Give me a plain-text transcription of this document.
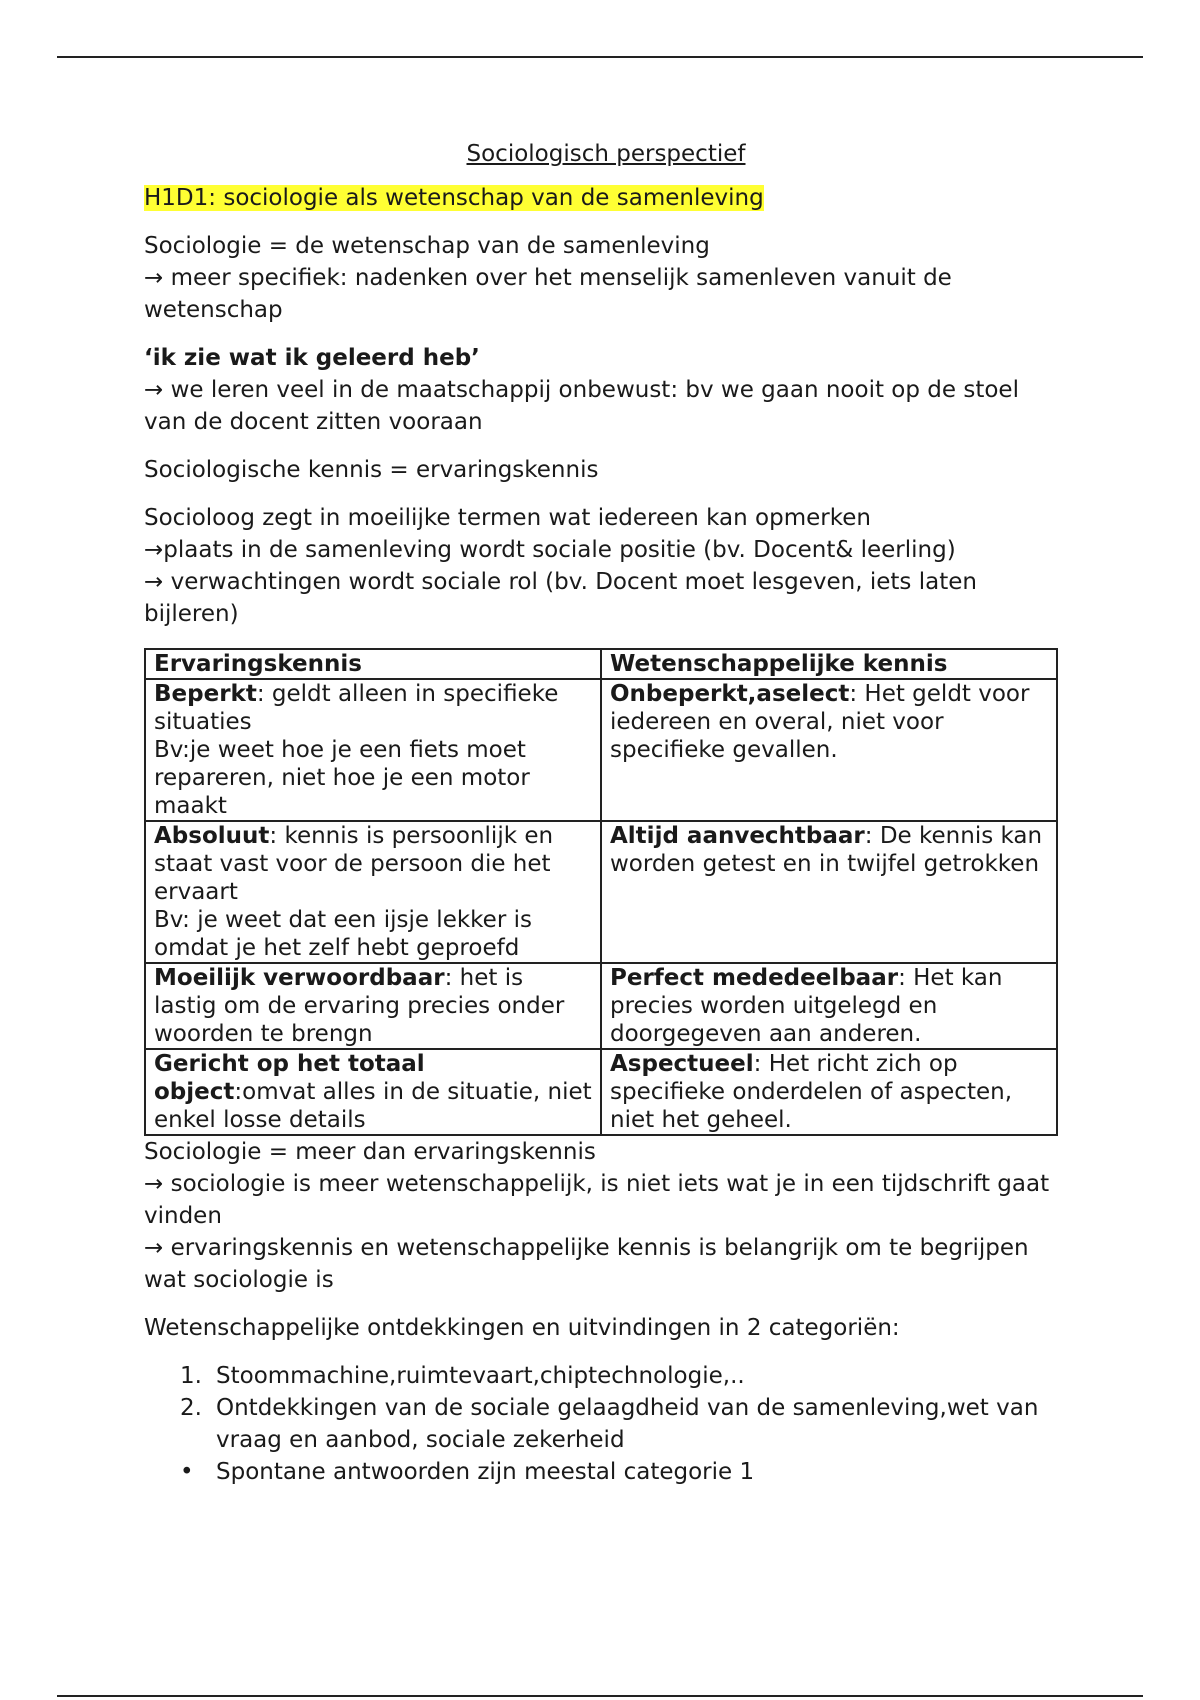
Sociologisch perspectief
H1D1: sociologie als wetenschap van de samenleving

Sociologie = de wetenschap van de samenleving
→ meer specifiek: nadenken over het menselijk samenleven vanuit de wetenschap

‘ik zie wat ik geleerd heb’
→ we leren veel in de maatschappij onbewust: bv we gaan nooit op de stoel van de docent zitten vooraan

Sociologische kennis = ervaringskennis

Socioloog zegt in moeilijke termen wat iedereen kan opmerken
→plaats in de samenleving wordt sociale positie (bv. Docent& leerling)
→ verwachtingen wordt sociale rol (bv. Docent moet lesgeven, iets laten bijleren)

Ervaringskennis	Wetenschappelijke kennis
Beperkt: geldt alleen in specifieke situaties
Bv:je weet hoe je een fiets moet repareren, niet hoe je een motor maakt	Onbeperkt,aselect: Het geldt voor iedereen en overal, niet voor specifieke gevallen.
Absoluut: kennis is persoonlijk en staat vast voor de persoon die het ervaart
Bv: je weet dat een ijsje lekker is omdat je het zelf hebt geproefd	Altijd aanvechtbaar: De kennis kan worden getest en in twijfel getrokken
Moeilijk verwoordbaar: het is lastig om de ervaring precies onder woorden te brengn	Perfect mededeelbaar: Het kan precies worden uitgelegd en doorgegeven aan anderen.
Gericht op het totaal object:omvat alles in de situatie, niet enkel losse details	Aspectueel: Het richt zich op specifieke onderdelen of aspecten, niet het geheel.

Sociologie = meer dan ervaringskennis
→ sociologie is meer wetenschappelijk, is niet iets wat je in een tijdschrift gaat vinden
→ ervaringskennis en wetenschappelijke kennis is belangrijk om te begrijpen wat sociologie is

Wetenschappelijke ontdekkingen en uitvindingen in 2 categoriën:

1. Stoommachine,ruimtevaart,chiptechnologie,..
2. Ontdekkingen van de sociale gelaagdheid van de samenleving,wet van vraag en aanbod, sociale zekerheid
• Spontane antwoorden zijn meestal categorie 1
